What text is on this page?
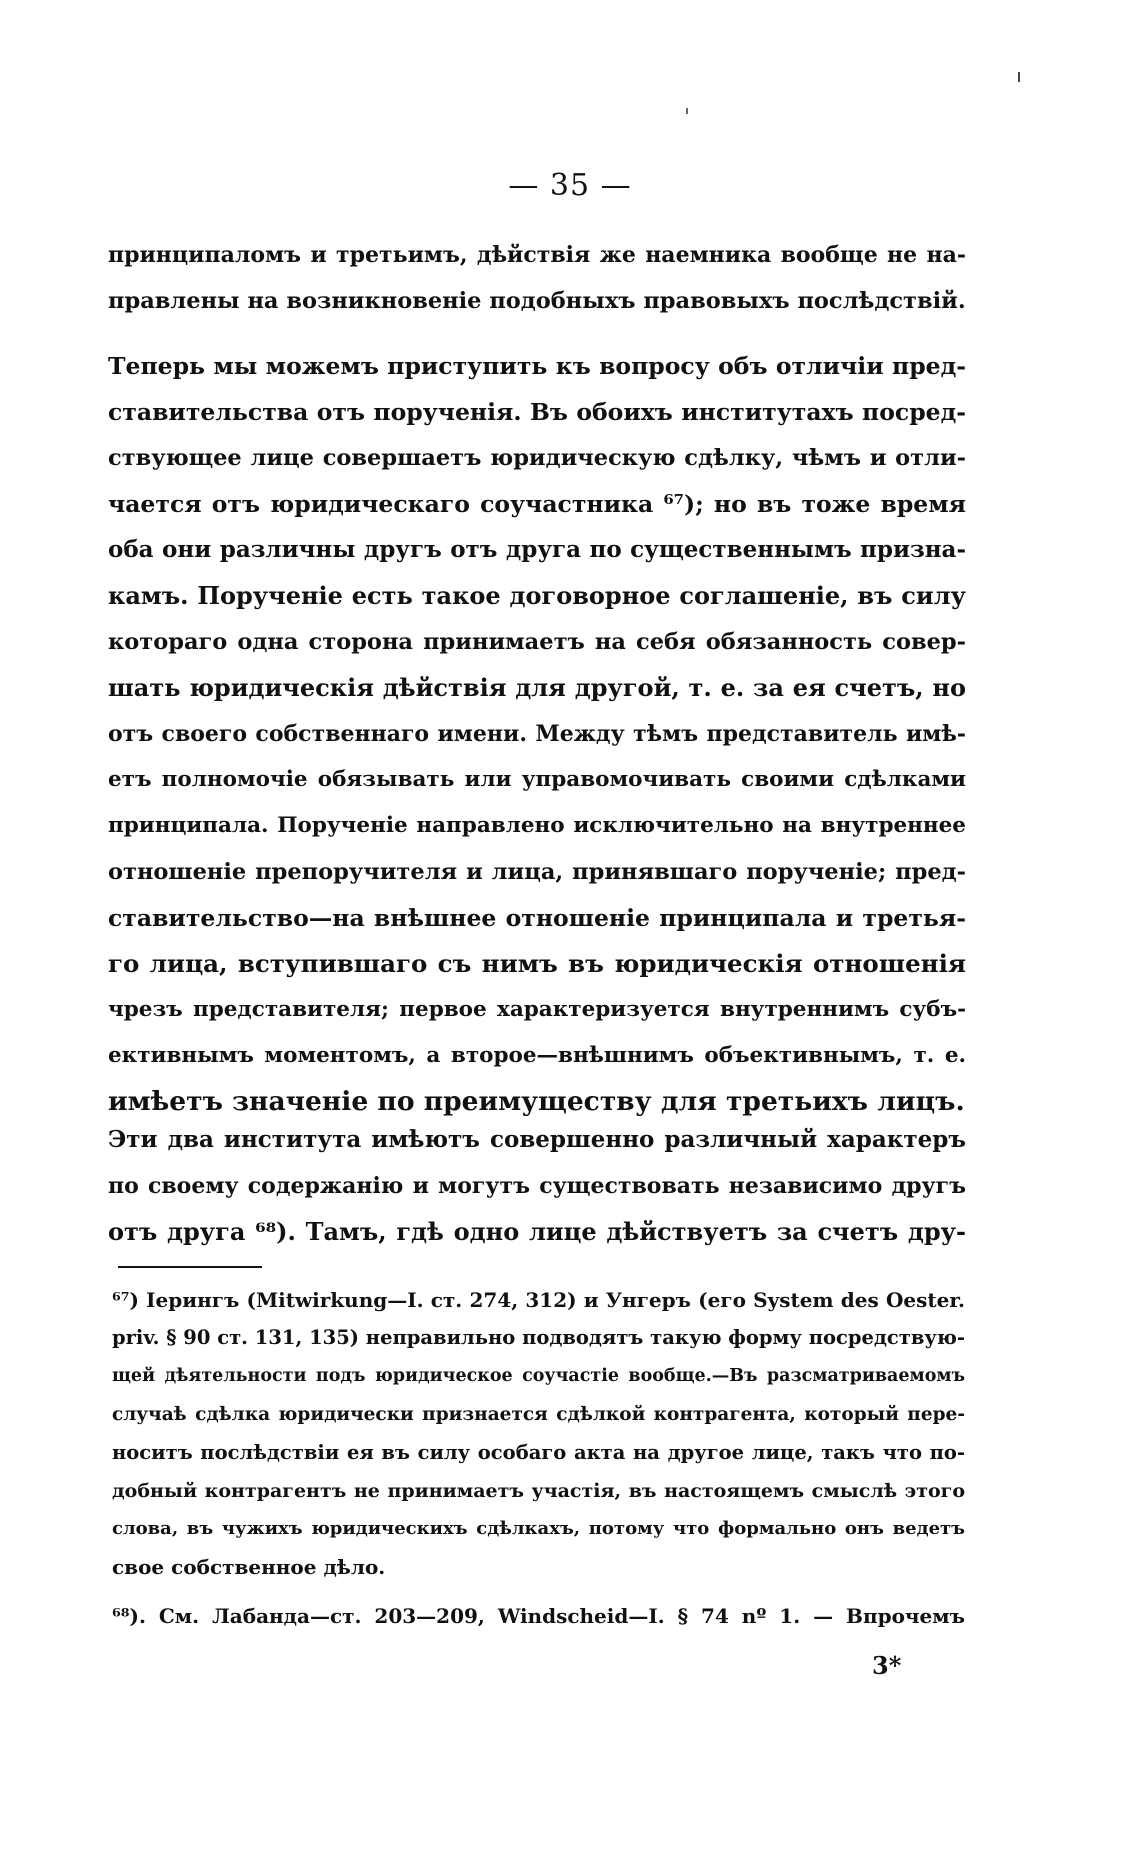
— 35 —
принципаломъ и третьимъ, дѣйствія же наемника вообще не на-
правлены на возникновеніе подобныхъ правовыхъ послѣдствій.
Теперь мы можемъ приступить къ вопросу объ отличіи пред-
ставительства отъ порученія. Въ обоихъ институтахъ посред-
ствующее лице совершаетъ юридическую сдѣлку, чѣмъ и отли-
чается отъ юридическаго соучастника ⁶⁷); но въ тоже время
оба они различны другъ отъ друга по существеннымъ призна-
камъ. Порученіе есть такое договорное соглашеніе, въ силу
котораго одна сторона принимаетъ на себя обязанность совер-
шать юридическія дѣйствія для другой, т. е. за ея счетъ, но
отъ своего собственнаго имени. Между тѣмъ представитель имѣ-
етъ полномочіе обязывать или управомочивать своими сдѣлками
принципала. Порученіе направлено исключительно на внутреннее
отношеніе препоручителя и лица, принявшаго порученіе; пред-
ставительство—на внѣшнее отношеніе принципала и третья-
го лица, вступившаго съ нимъ въ юридическія отношенія
чрезъ представителя; первое характеризуется внутреннимъ субъ-
ективнымъ моментомъ, а второе—внѣшнимъ объективнымъ, т. е.
имѣетъ значеніе по преимуществу для третьихъ лицъ.
Эти два института имѣютъ совершенно различный характеръ
по своему содержанію и могутъ существовать независимо другъ
отъ друга ⁶⁸). Тамъ, гдѣ одно лице дѣйствуетъ за счетъ дру-
⁶⁷) Іерингъ (Mitwirkung—I. ст. 274, 312) и Унгеръ (его System des Oester.
priv. § 90 ст. 131, 135) неправильно подводятъ такую форму посредствую-
щей дѣятельности подъ юридическое соучастіе вообще.—Въ разсматриваемомъ
случаѣ сдѣлка юридически признается сдѣлкой контрагента, который пере-
носитъ послѣдствіи ея въ силу особаго акта на другое лице, такъ что по-
добный контрагентъ не принимаетъ участія, въ настоящемъ смыслѣ этого
слова, въ чужихъ юридическихъ сдѣлкахъ, потому что формально онъ ведетъ
свое собственное дѣло.
⁶⁸). См. Лабанда—ст. 203—209, Windscheid—I. § 74 nº 1. — Впрочемъ
3*
